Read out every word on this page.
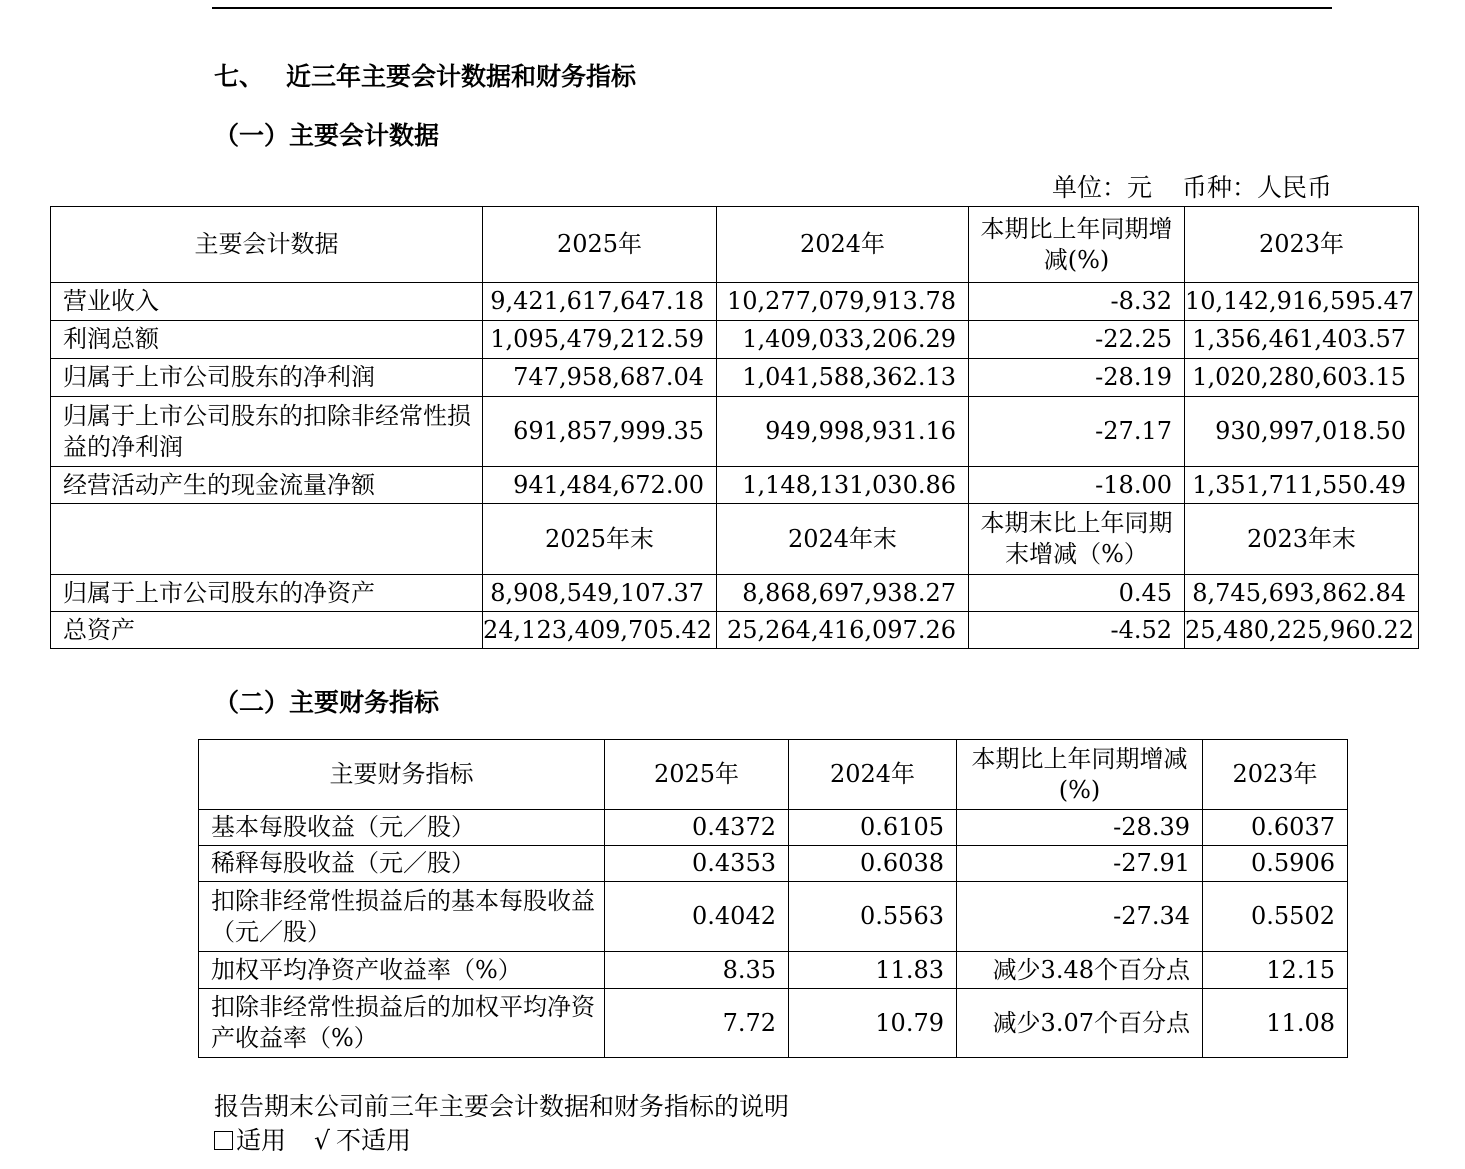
七、 近三年主要会计数据和财务指标
（一）主要会计数据
单位：元 币种：人民币
主要会计数据	2025年	2024年	本期比上年同期增减(%)	2023年
营业收入	9,421,617,647.18	10,277,079,913.78	-8.32	10,142,916,595.47
利润总额	1,095,479,212.59	1,409,033,206.29	-22.25	1,356,461,403.57
归属于上市公司股东的净利润	747,958,687.04	1,041,588,362.13	-28.19	1,020,280,603.15
归属于上市公司股东的扣除非经常性损益的净利润	691,857,999.35	949,998,931.16	-27.17	930,997,018.50
经营活动产生的现金流量净额	941,484,672.00	1,148,131,030.86	-18.00	1,351,711,550.49
	2025年末	2024年末	本期末比上年同期末增减（%）	2023年末
归属于上市公司股东的净资产	8,908,549,107.37	8,868,697,938.27	0.45	8,745,693,862.84
总资产	24,123,409,705.42	25,264,416,097.26	-4.52	25,480,225,960.22
（二）主要财务指标
主要财务指标	2025年	2024年	本期比上年同期增减(%)	2023年
基本每股收益（元／股）	0.4372	0.6105	-28.39	0.6037
稀释每股收益（元／股）	0.4353	0.6038	-27.91	0.5906
扣除非经常性损益后的基本每股收益（元／股）	0.4042	0.5563	-27.34	0.5502
加权平均净资产收益率（%）	8.35	11.83	减少3.48个百分点	12.15
扣除非经常性损益后的加权平均净资产收益率（%）	7.72	10.79	减少3.07个百分点	11.08
报告期末公司前三年主要会计数据和财务指标的说明
适用 √ 不适用
